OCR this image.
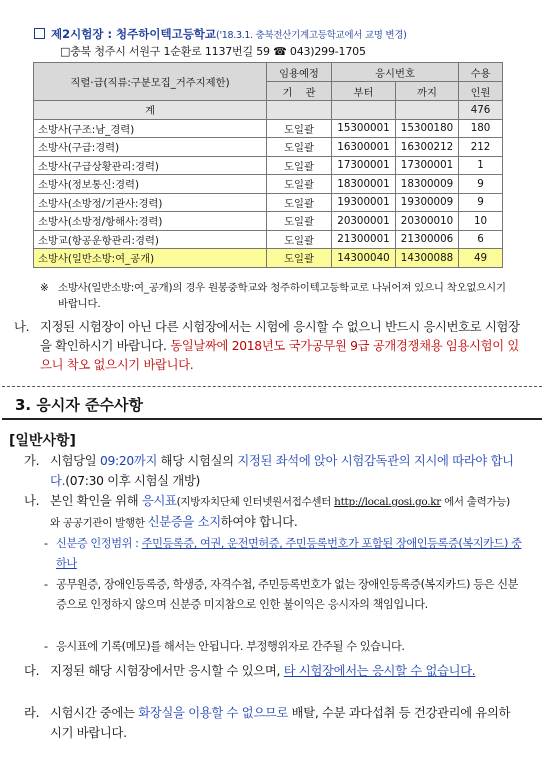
제2시험장 : 청주하이텍고등학교('18.3.1. 충북전산기계고등학교에서 교명 변경)
□충북 청주시 서원구 1순환로 1137번길 59 ☎ 043)299-1705
직렬·급(직류:구분모집_거주지제한)	임용예정	응시번호		수용
	기    관	부터	까지	인원
계				476
소방사(구조:남_경력)	도일괄	15300001	15300180	180
소방사(구급:경력)	도일괄	16300001	16300212	212
소방사(구급상황관리:경력)	도일괄	17300001	17300001	1
소방사(정보통신:경력)	도일괄	18300001	18300009	9
소방사(소방정/기관사:경력)	도일괄	19300001	19300009	9
소방사(소방정/항해사:경력)	도일괄	20300001	20300010	10
소방교(항공운항관리:경력)	도일괄	21300001	21300006	6
소방사(일반소방:여_공개)	도일괄	14300040	14300088	49
※ 소방사(일반소방:여_공개)의 경우 원봉중학교와 청주하이텍고등학교로 나뉘어져 있으니 착오없으시기 바랍니다.
나. 지정된 시험장이 아닌 다른 시험장에서는 시험에 응시할 수 없으니 반드시 응시번호로 시험장을 확인하시기 바랍니다. 동일날짜에 2018년도 국가공무원 9급 공개경쟁채용 임용시험이 있으니 착오 없으시기 바랍니다.
3. 응시자 준수사항
[일반사항]
가. 시험당일 09:20까지 해당 시험실의 지정된 좌석에 앉아 시험감독관의 지시에 따라야 합니다.(07:30 이후 시험실 개방)
나. 본인 확인을 위해 응시표(지방자치단체 인터넷원서접수센터 http://local.gosi.go.kr 에서 출력가능)와 공공기관이 발행한 신분증을 소지하여야 합니다.
- 신분증 인정범위 : 주민등록증, 여권, 운전면허증, 주민등록번호가 포함된 장애인등록증(복지카드) 중 하나
- 공무원증, 장애인등록증, 학생증, 자격수첩, 주민등록번호가 없는 장애인등록증(복지카드) 등은 신분증으로 인정하지 않으며 신분증 미지참으로 인한 불이익은 응시자의 책임입니다.
- 응시표에 기록(메모)를 해서는 안됩니다. 부정행위자로 간주될 수 있습니다.
다. 지정된 해당 시험장에서만 응시할 수 있으며, 타 시험장에서는 응시할 수 없습니다.
라. 시험시간 중에는 화장실을 이용할 수 없으므로 배탈, 수분 과다섭취 등 건강관리에 유의하시기 바랍니다.
